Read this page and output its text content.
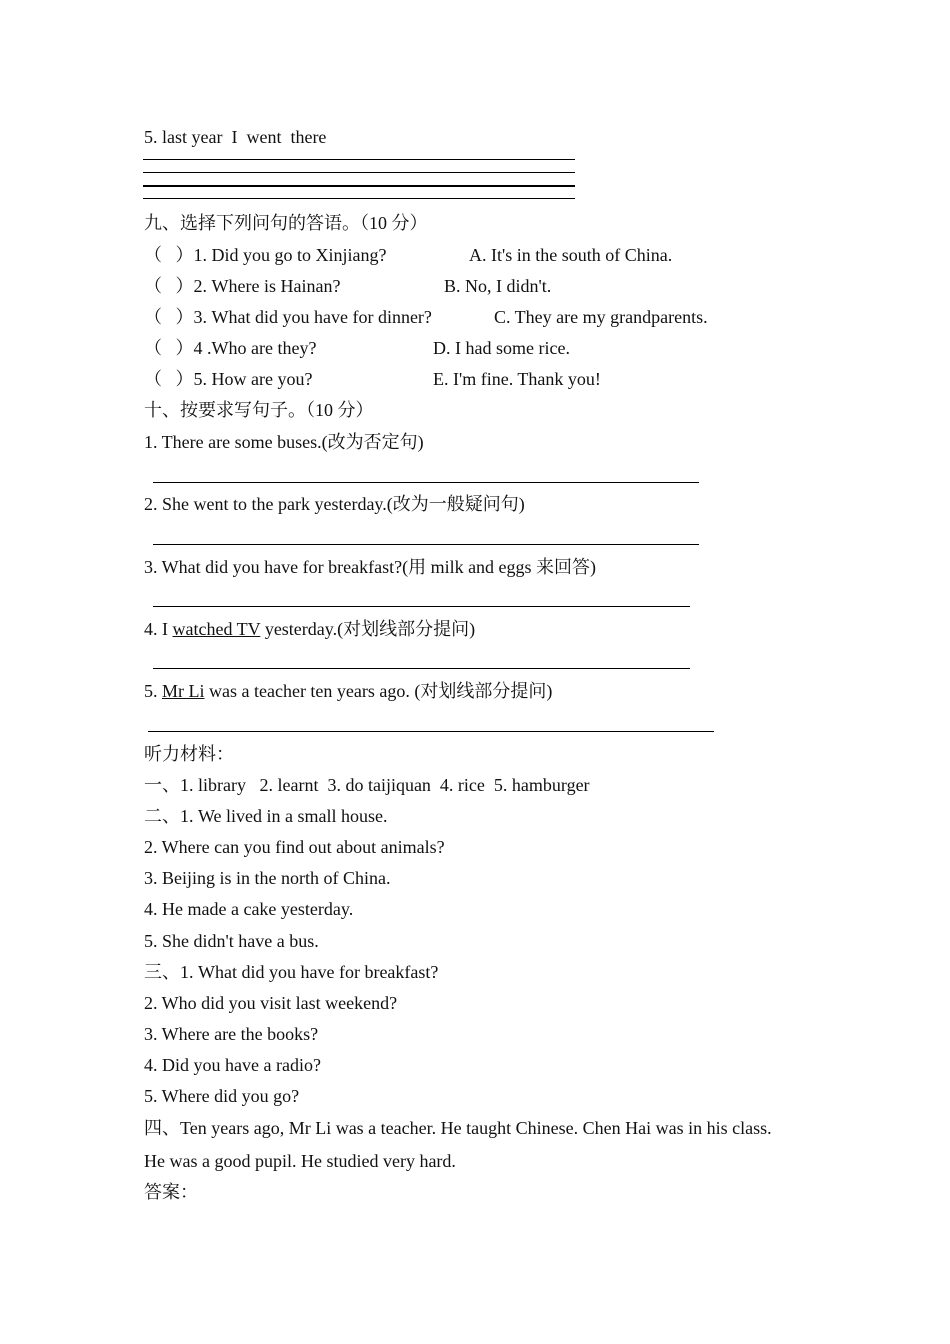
5. last year  I  went  there
九、选择下列问句的答语。（10 分）
（   ）1. Did you go to Xinjiang?	A. It's in the south of China.
（   ）2. Where is Hainan?	B. No, I didn't.
（   ）3. What did you have for dinner?	C. They are my grandparents.
（   ）4 .Who are they?	D. I had some rice.
（   ）5. How are you?	E. I'm fine. Thank you!
十、按要求写句子。（10 分）
1. There are some buses.(改为否定句)
2. She went to the park yesterday.(改为一般疑问句)
3. What did you have for breakfast?(用 milk and eggs 来回答)
4. I watched TV yesterday.(对划线部分提问)
5. Mr Li was a teacher ten years ago. (对划线部分提问)
听力材料：
一、1. library   2. learnt  3. do taijiquan  4. rice  5. hamburger
二、1. We lived in a small house.
2. Where can you find out about animals?
3. Beijing is in the north of China.
4. He made a cake yesterday.
5. She didn't have a bus.
三、1. What did you have for breakfast?
2. Who did you visit last weekend?
3. Where are the books?
4. Did you have a radio?
5. Where did you go?
四、Ten years ago, Mr Li was a teacher. He taught Chinese. Chen Hai was in his class.
He was a good pupil. He studied very hard.
答案：
